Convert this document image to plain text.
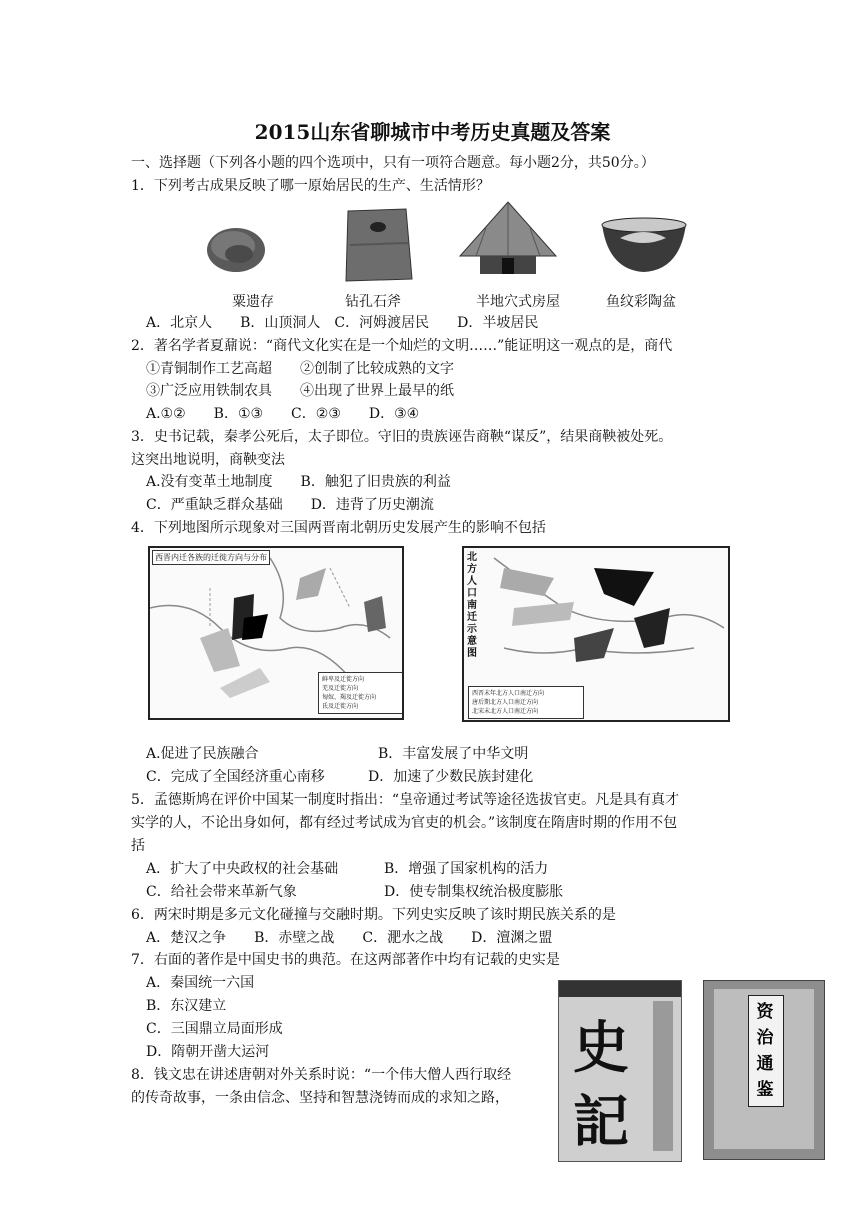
2015山东省聊城市中考历史真题及答案
一、选择题（下列各小题的四个选项中，只有一项符合题意。每小题2分，共50分。）
1．下列考古成果反映了哪一原始居民的生产、生活情形？
粟遗存	钻孔石斧	半地穴式房屋	鱼纹彩陶盆
A．北京人　　B．山顶洞人　C．河姆渡居民　　D．半坡居民
2．著名学者夏鼐说：“商代文化实在是一个灿烂的文明……”能证明这一观点的是，商代
①青铜制作工艺高超　　②创制了比较成熟的文字
③广泛应用铁制农具　　④出现了世界上最早的纸
A.①②　　B．①③　　C．②③　　D．③④
3．史书记载，秦孝公死后，太子即位。守旧的贵族诬告商鞅“谋反”，结果商鞅被处死。
这突出地说明，商鞅变法
A.没有变革土地制度　　B．触犯了旧贵族的利益
C．严重缺乏群众基础　　D．违背了历史潮流
4．下列地图所示现象对三国两晋南北朝历史发展产生的影响不包括
西晋内迁各族的迁徙方向与分布
鲜卑及迁徙方向
羌及迁徙方向
匈奴、羯及迁徙方向
氐及迁徙方向
北方人口南迁示意图
西晋末年北方人口南迁方向
唐后期北方人口南迁方向
北宋末北方人口南迁方向
A.促进了民族融合	B．丰富发展了中华文明
C．完成了全国经济重心南移	D．加速了少数民族封建化
5．孟德斯鸠在评价中国某一制度时指出：“皇帝通过考试等途径选拔官吏。凡是具有真才
实学的人，不论出身如何，都有经过考试成为官吏的机会。”该制度在隋唐时期的作用不包
括
A．扩大了中央政权的社会基础	B．增强了国家机构的活力
C．给社会带来革新气象	D．使专制集权统治极度膨胀
6．两宋时期是多元文化碰撞与交融时期。下列史实反映了该时期民族关系的是
A．楚汉之争　　B．赤壁之战　　C．淝水之战　　D．澶渊之盟
7．右面的著作是中国史书的典范。在这两部著作中均有记载的史实是
A．秦国统一六国
B．东汉建立
C．三国鼎立局面形成
D．隋朝开凿大运河	史記
资治通鉴
8．钱文忠在讲述唐朝对外关系时说：“一个伟大僧人西行取经
的传奇故事，一条由信念、坚持和智慧浇铸而成的求知之路，
